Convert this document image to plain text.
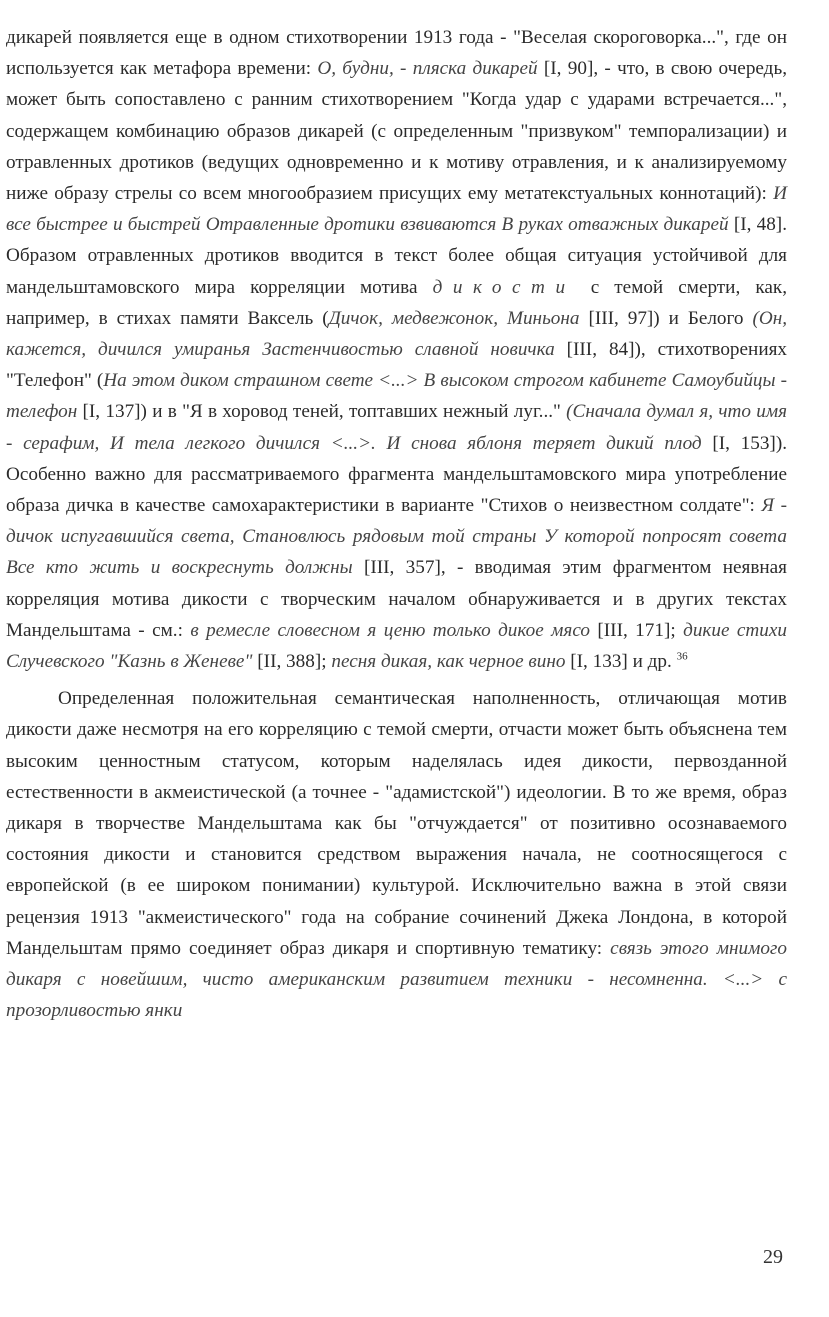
дикарей появляется еще в одном стихотворении 1913 года - "Веселая скороговорка...", где он используется как метафора времени: О, будни, - пляска дикарей [I, 90], - что, в свою очередь, может быть сопоставлено с ранним стихотворением "Когда удар с ударами встречается...", содержащем комбинацию образов дикарей (с определенным "призвуком" темпорализации) и отравленных дротиков (ведущих одновременно и к мотиву отравления, и к анализируемому ниже образу стрелы со всем многообразием присущих ему метатекстуальных коннотаций): И все быстрее и быстрей Отравленные дротики взвиваются В руках отважных дикарей [I, 48]. Образом отравленных дротиков вводится в текст более общая ситуация устойчивой для мандельштамовского мира корреляции мотива дикости с темой смерти, как, например, в стихах памяти Ваксель (Дичок, медвежонок, Миньона [III, 97]) и Белого (Он, кажется, дичился умиранья Застенчивостью славной новичка [III, 84]), стихотворениях "Телефон" (На этом диком страшном свете <...> В высоком строгом кабинете Самоубийцы - телефон [I, 137]) и в "Я в хоровод теней, топтавших нежный луг..." (Сначала думал я, что имя - серафим, И тела легкого дичился <...>. И снова яблоня теряет дикий плод [I, 153]). Особенно важно для рассматриваемого фрагмента мандельштамовского мира употребление образа дичка в качестве самохарактеристики в варианте "Стихов о неизвестном солдате": Я - дичок испугавшийся света, Становлюсь рядовым той страны У которой попросят совета Все кто жить и воскреснуть должны [III, 357], - вводимая этим фрагментом неявная корреляция мотива дикости с творческим началом обнаруживается и в других текстах Мандельштама - см.: в ремесле словесном я ценю только дикое мясо [III, 171]; дикие стихи Случевского "Казнь в Женеве" [II, 388]; песня дикая, как черное вино [I, 133] и др. $^{36}$

Определенная положительная семантическая наполненность, отличающая мотив дикости даже несмотря на его корреляцию с темой смерти, отчасти может быть объяснена тем высоким ценностным статусом, которым наделялась идея дикости, первозданной естественности в акмеистической (а точнее - "адамистской") идеологии. В то же время, образ дикаря в творчестве Мандельштама как бы "отчуждается" от позитивно осознаваемого состояния дикости и становится средством выражения начала, не соотносящегося с европейской (в ее широком понимании) культурой. Исключительно важна в этой связи рецензия 1913 "акмеистического" года на собрание сочинений Джека Лондона, в которой Мандельштам прямо соединяет образ дикаря и спортивную тематику: связь этого мнимого дикаря с новейшим, чисто американским развитием техники - несомненна. <...> с прозорливостью янки

29
